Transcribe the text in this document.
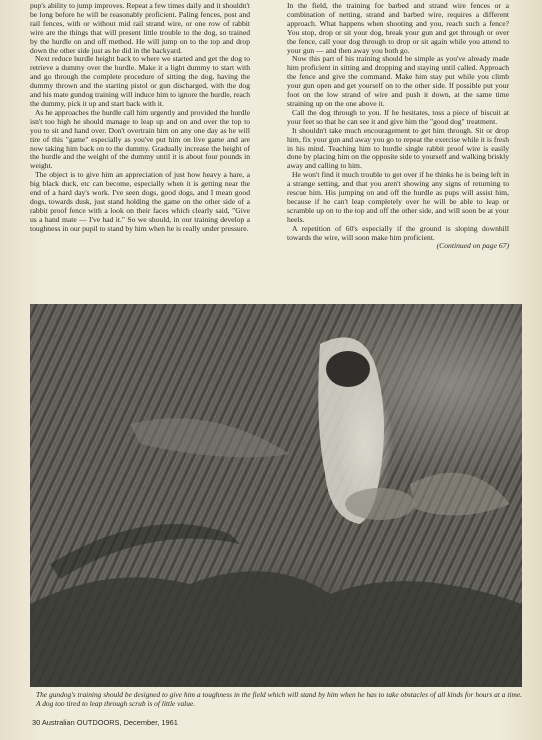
pup's ability to jump improves. Repeat a few times daily and it shouldn't be long before he will be reasonably proficient. Paling fences, post and rail fences, with or without mid rail strand wire, or one row of rabbit wire are the things that will present little trouble to the dog, so trained by the hurdle on and off method. He will jump on to the top and drop down the other side just as he did in the backyard.

Next reduce hurdle height back to where we started and get the dog to retrieve a dummy over the hurdle. Make it a light dummy to start with and go through the complete procedure of sitting the dog, having the dummy thrown and the starting pistol or gun discharged, with the dog and his mate gundog training will induce him to ignore the hurdle, reach the dummy, pick it up and start back with it.

As he approaches the hurdle call him urgently and provided the hurdle isn't too high he should manage to leap up and on and over the top to you to sit and hand over. Don't overtrain him on any one day as he will tire of this "game" especially as you've put him on live game and are now taking him back on to the dummy. Gradually increase the height of the hurdle and the weight of the dummy until it is about four pounds in weight.

The object is to give him an appreciation of just how heavy a hare, a big black duck, etc can become, especially when it is getting near the end of a hard day's work. I've seen dogs, good dogs, and I mean good dogs, towards dusk, just stand holding the game on the other side of a rabbit proof fence with a look on their faces which clearly said, "Give us a hand mate — I've had it." So we should, in our training develop a toughness in our pupil to stand by him when he is really under pressure.

In the field, the training for barbed and strand wire fences or a combination of netting, strand and barbed wire, requires a different approach. What happens when shooting and you, reach such a fence? You stop, drop or sit your dog, break your gun and get through or over the fence, call your dog through to drop or sit again while you attend to your gun — and then away you both go.

Now this part of his training should be simple as you've already made him proficient in sitting and dropping and staying until called. Approach the fence and give the command. Make him stay put while you climb your gun open and get yourself on to the other side. If possible put your foot on the low strand of wire and push it down, at the same time straining up on the one above it.

Call the dog through to you. If he hesitates, toss a piece of biscuit at your feet so that he can see it and give him the "good dog" treatment.

It shouldn't take much encouragement to get him through. Sit or drop him, fix your gun and away you go to repeat the exercise while it is fresh in his mind. Teaching him to hurdle single rabbit proof wire is easily done by placing him on the opposite side to yourself and walking briskly away and calling to him.

He won't find it much trouble to get over if he thinks he is being left in a strange setting, and that you aren't showing any signs of returning to rescue him. His jumping on and off the hurdle as pups will assist him, because if he can't leap completely over he will be able to leap or scramble up on to the top and off the other side, and will soon be at your heels.

A repetition of 60's especially if the ground is sloping downhill towards the wire, will soon make him proficient.

(Continued on page 67)

The gundog's training should be designed to give him a toughness in the field which will stand by him when he has to take obstacles of all kinds for hours at a time. A dog too tired to leap through scrub is of little value.
30 Australian OUTDOORS, December, 1961
